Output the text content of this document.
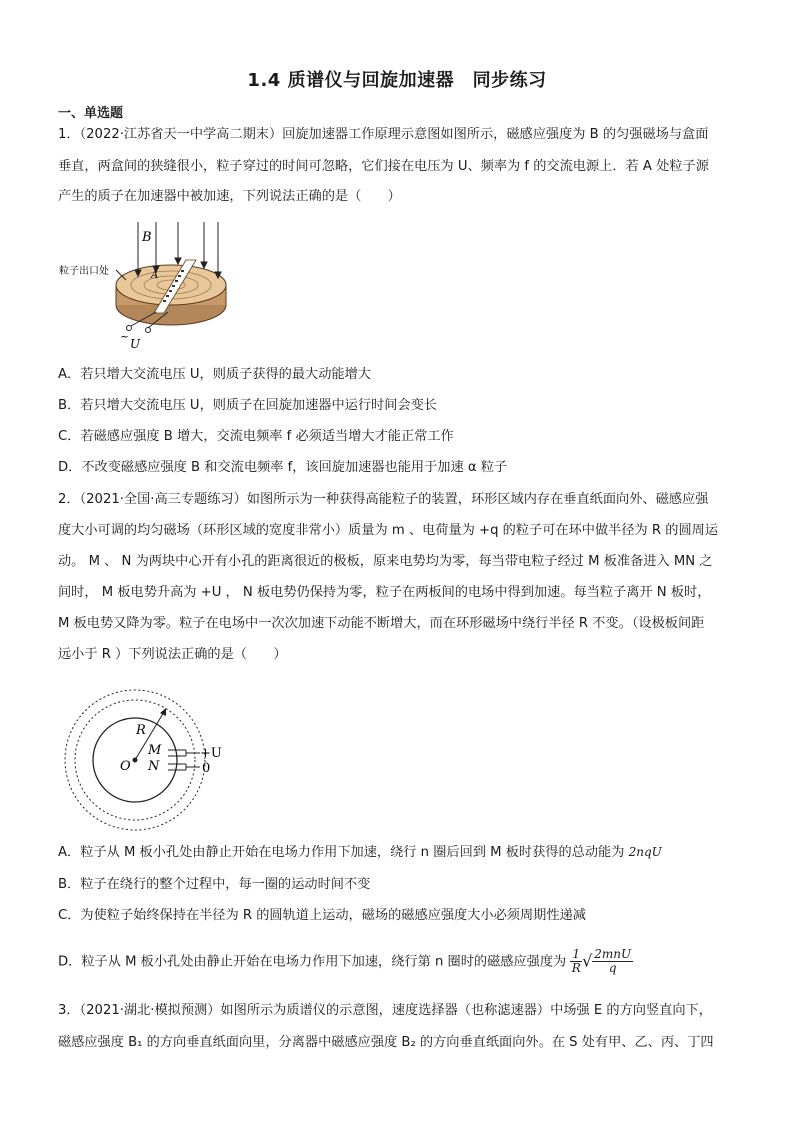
1.4 质谱仪与回旋加速器　同步练习
一、单选题
1．（2022·江苏省天一中学高二期末）回旋加速器工作原理示意图如图所示，磁感应强度为 B 的匀强磁场与盒面
垂直，两盒间的狭缝很小，粒子穿过的时间可忽略，它们接在电压为 U、频率为 f 的交流电源上．若 A 处粒子源
产生的质子在加速器中被加速，下列说法正确的是（　　）
B
A
粒子出口处
~
U
A．若只增大交流电压 U，则质子获得的最大动能增大
B．若只增大交流电压 U，则质子在回旋加速器中运行时间会变长
C．若磁感应强度 B 增大，交流电频率 f 必须适当增大才能正常工作
D．不改变磁感应强度 B 和交流电频率 f，该回旋加速器也能用于加速 α 粒子
2．（2021·全国·高三专题练习）如图所示为一种获得高能粒子的装置，环形区域内存在垂直纸面向外、磁感应强
度大小可调的均匀磁场（环形区域的宽度非常小）质量为 m 、电荷量为 +q 的粒子可在环中做半径为 R 的圆周运
动。 M 、 N 为两块中心开有小孔的距离很近的极板，原来电势均为零，每当带电粒子经过 M 板准备进入 MN 之
间时， M 板电势升高为 +U ， N 板电势仍保持为零，粒子在两板间的电场中得到加速。每当粒子离开 N 板时，
M 板电势又降为零。粒子在电场中一次次加速下动能不断增大，而在环形磁场中绕行半径 R 不变。（设极板间距
远小于 R ）下列说法正确的是（　　）
R
M
N
O
+U
0
A．粒子从 M 板小孔处由静止开始在电场力作用下加速，绕行 n 圈后回到 M 板时获得的总动能为 2nqU
B．粒子在绕行的整个过程中，每一圈的运动时间不变
C．为使粒子始终保持在半径为 R 的圆轨道上运动，磁场的磁感应强度大小必须周期性递减
D．粒子从 M 板小孔处由静止开始在电场力作用下加速，绕行第 n 圈时的磁感应强度为 $\frac{1}{R}$ √ 2mnU
q
3．（2021·湖北·模拟预测）如图所示为质谱仪的示意图，速度选择器（也称滤速器）中场强 E 的方向竖直向下，
磁感应强度 B₁ 的方向垂直纸面向里，分离器中磁感应强度 B₂ 的方向垂直纸面向外。在 S 处有甲、乙、丙、丁四
